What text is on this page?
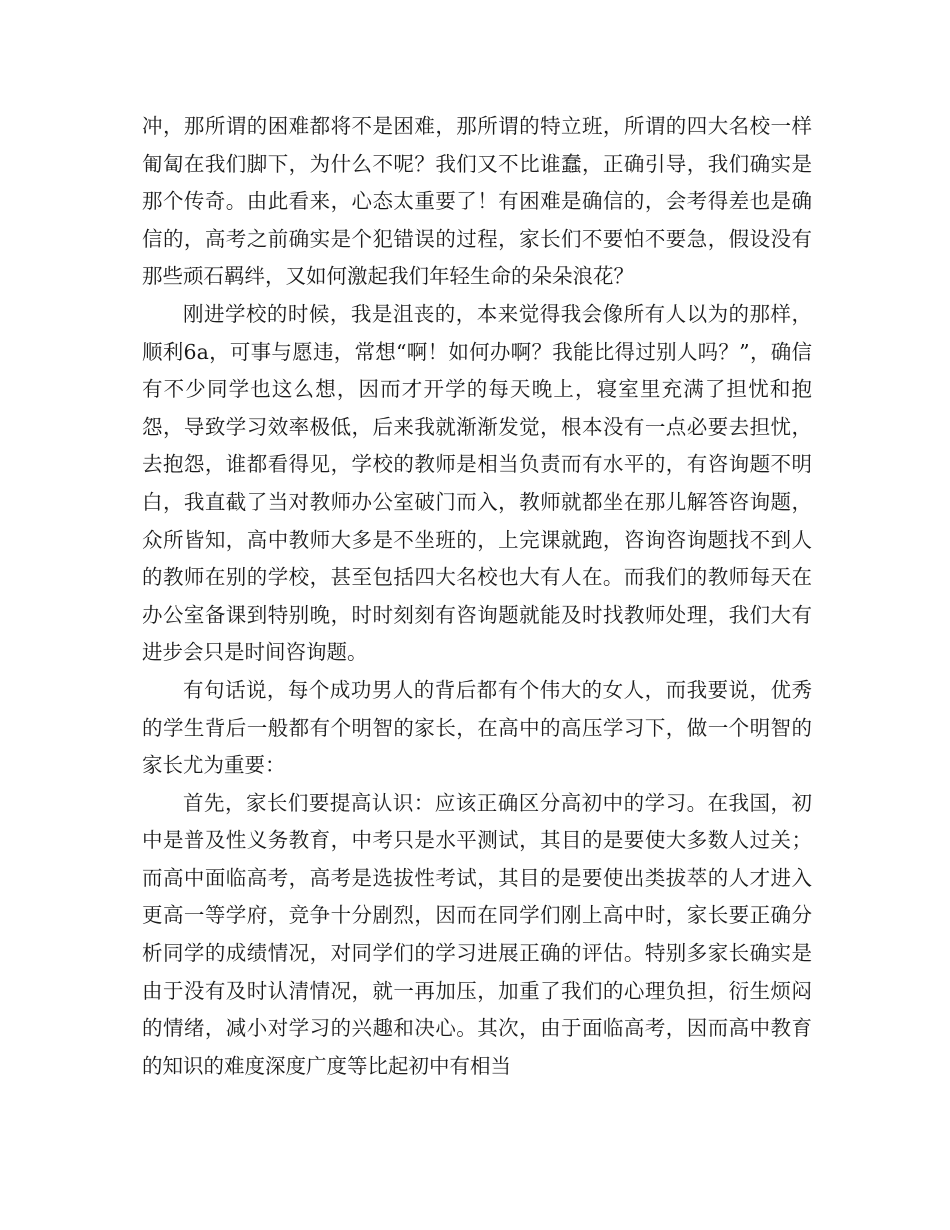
冲，那所谓的困难都将不是困难，那所谓的特立班，所谓的四大名校一样匍匐在我们脚下，为什么不呢？我们又不比谁蠢，正确引导，我们确实是那个传奇。由此看来，心态太重要了！有困难是确信的，会考得差也是确信的，高考之前确实是个犯错误的过程，家长们不要怕不要急，假设没有那些顽石羁绊，又如何激起我们年轻生命的朵朵浪花？

刚进学校的时候，我是沮丧的，本来觉得我会像所有人以为的那样，顺利6a，可事与愿违，常想“啊！如何办啊？我能比得过别人吗？”，确信有不少同学也这么想，因而才开学的每天晚上，寝室里充满了担忧和抱怨，导致学习效率极低，后来我就渐渐发觉，根本没有一点必要去担忧，去抱怨，谁都看得见，学校的教师是相当负责而有水平的，有咨询题不明白，我直截了当对教师办公室破门而入，教师就都坐在那儿解答咨询题，众所皆知，高中教师大多是不坐班的，上完课就跑，咨询咨询题找不到人的教师在别的学校，甚至包括四大名校也大有人在。而我们的教师每天在办公室备课到特别晚，时时刻刻有咨询题就能及时找教师处理，我们大有进步会只是时间咨询题。

有句话说，每个成功男人的背后都有个伟大的女人，而我要说，优秀的学生背后一般都有个明智的家长，在高中的高压学习下，做一个明智的家长尤为重要：

首先，家长们要提高认识：应该正确区分高初中的学习。在我国，初中是普及性义务教育，中考只是水平测试，其目的是要使大多数人过关；而高中面临高考，高考是选拔性考试，其目的是要使出类拔萃的人才进入更高一等学府，竞争十分剧烈，因而在同学们刚上高中时，家长要正确分析同学的成绩情况，对同学们的学习进展正确的评估。特别多家长确实是由于没有及时认清情况，就一再加压，加重了我们的心理负担，衍生烦闷的情绪，减小对学习的兴趣和决心。其次，由于面临高考，因而高中教育的知识的难度深度广度等比起初中有相当
